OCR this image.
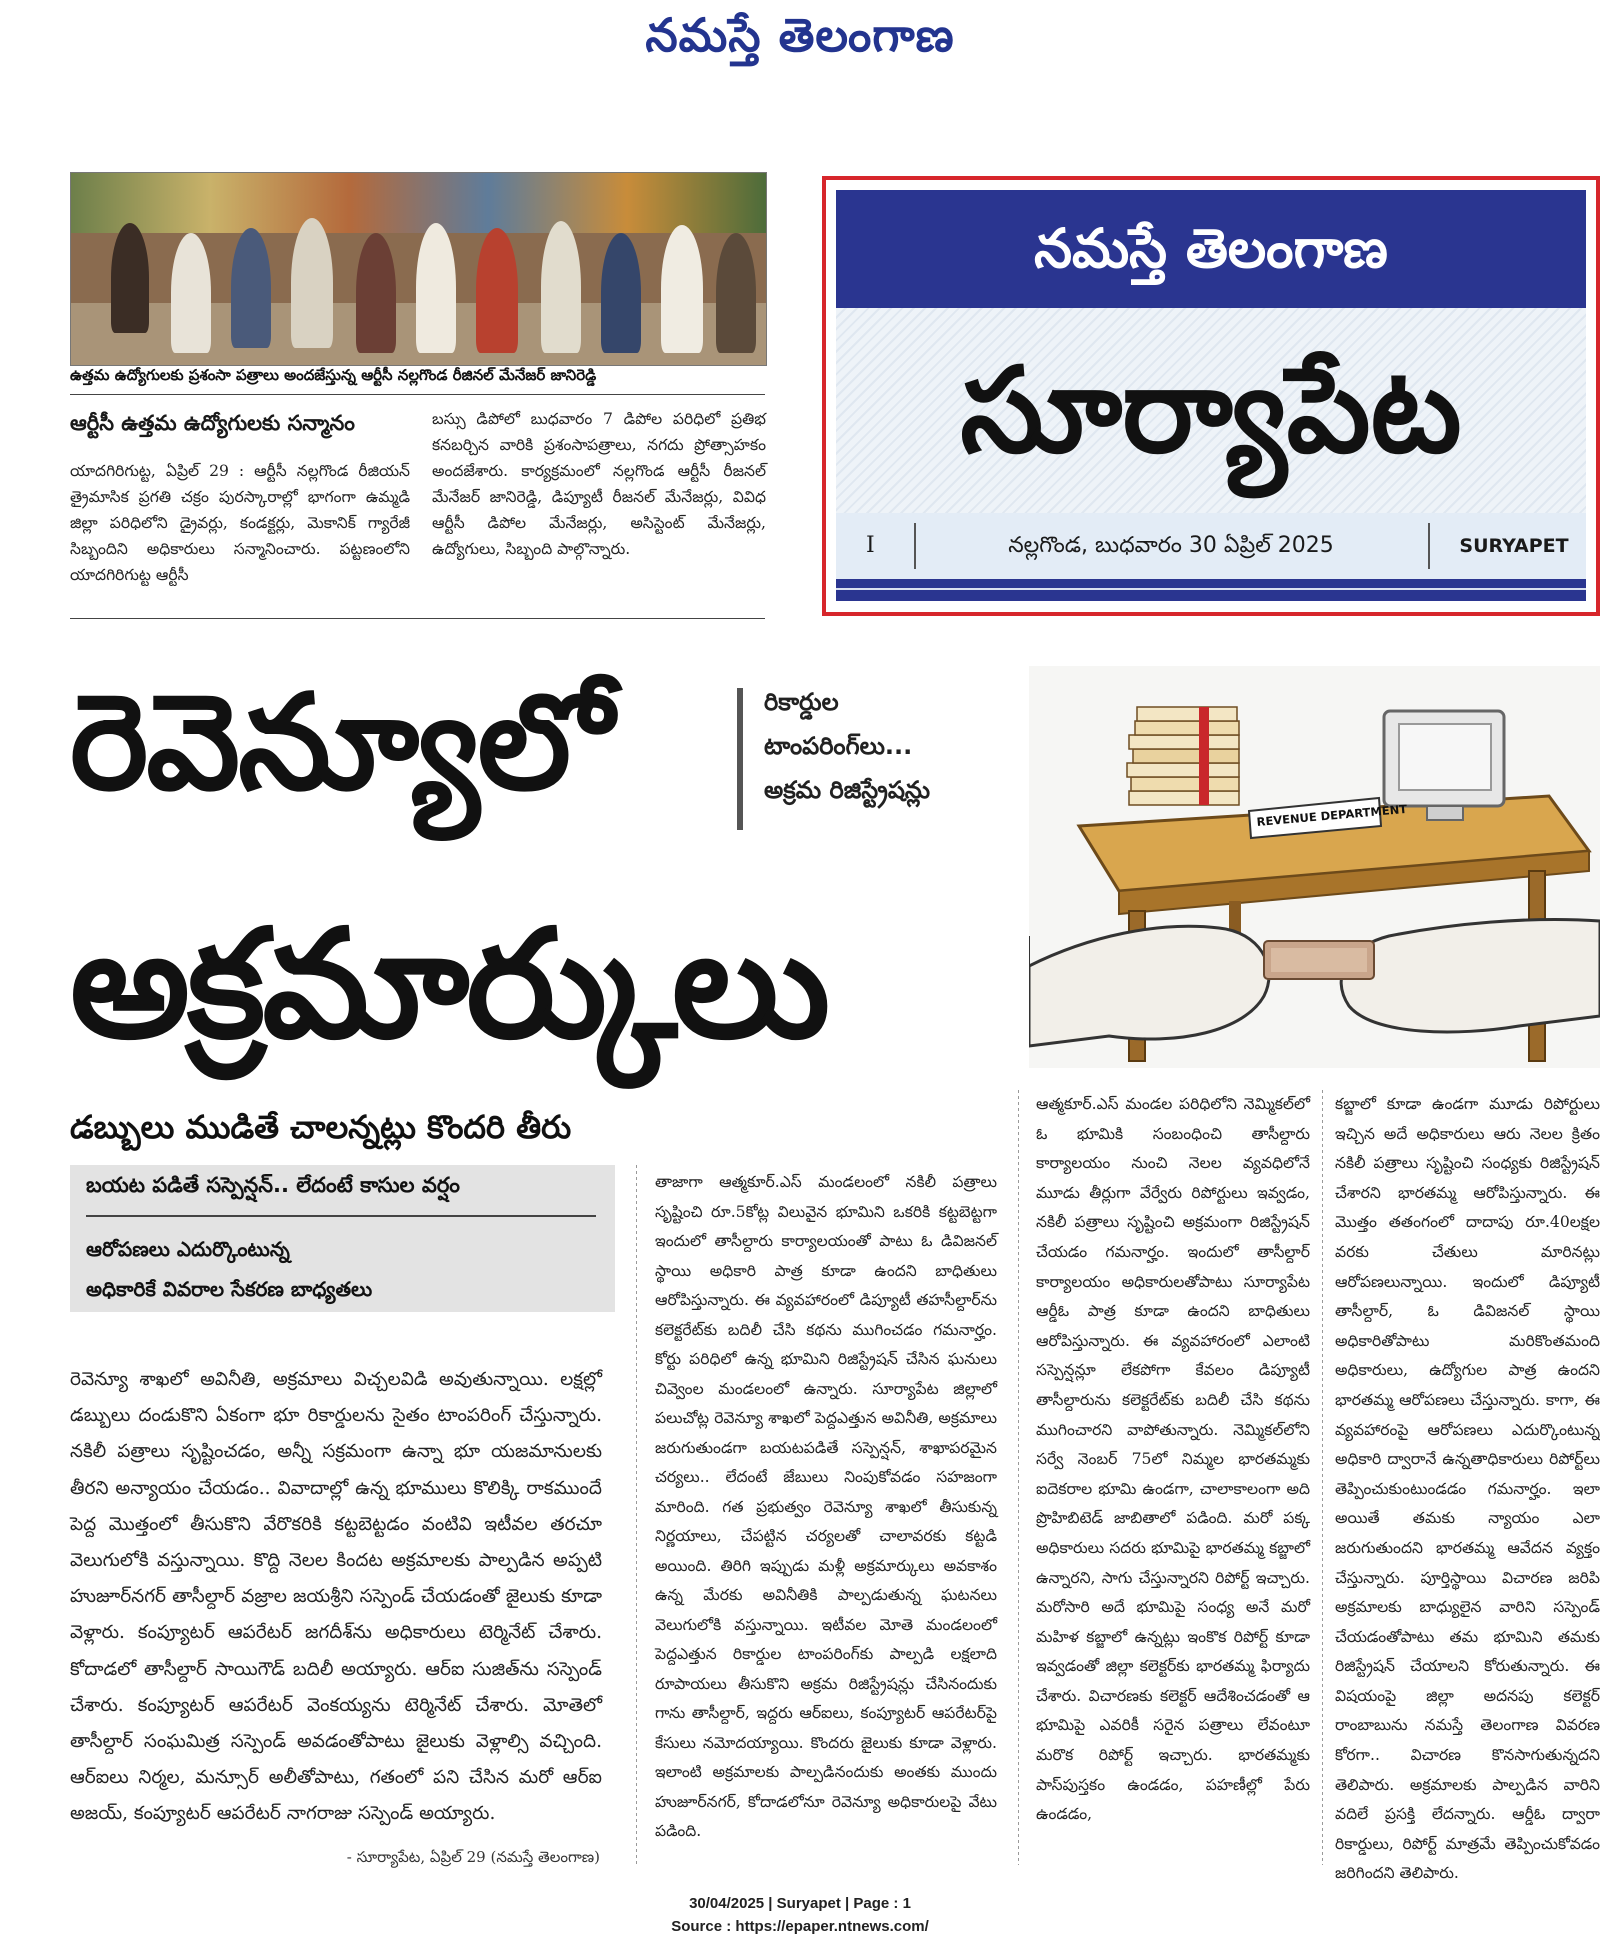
నమస్తే తెలంగాణ
ఉత్తమ ఉద్యోగులకు ప్రశంసా పత్రాలు అందజేస్తున్న ఆర్టీసీ నల్లగొండ రీజినల్‌ మేనేజర్‌ జానిరెడ్డి
ఆర్టీసీ ఉత్తమ ఉద్యోగులకు సన్మానం
యాదగిరిగుట్ట, ఏప్రిల్‌ 29 : ఆర్టీసీ నల్లగొండ రీజియన్‌ త్రైమాసిక ప్రగతి చక్రం పురస్కారాల్లో భాగంగా ఉమ్మడి జిల్లా పరిధిలోని డ్రైవర్లు, కండక్టర్లు, మెకానిక్‌ గ్యారేజీ సిబ్బందిని అధికారులు సన్మానించారు. పట్టణంలోని యాదగిరిగుట్ట ఆర్టీసీ
బస్సు డిపోలో బుధవారం 7 డిపోల పరిధిలో ప్రతిభ కనబర్చిన వారికి ప్రశంసాపత్రాలు, నగదు ప్రోత్సాహకం అందజేశారు. కార్యక్రమంలో నల్లగొండ ఆర్టీసీ రీజనల్‌ మేనేజర్‌ జానిరెడ్డి, డిప్యూటీ రీజనల్‌ మేనేజర్లు, వివిధ ఆర్టీసీ డిపోల మేనేజర్లు, అసిస్టెంట్‌ మేనేజర్లు, ఉద్యోగులు, సిబ్బంది పాల్గొన్నారు.
నమస్తే తెలంగాణ
సూర్యాపేట
I	నల్లగొండ, బుధవారం 30 ఏప్రిల్‌ 2025	SURYAPET
రెవెన్యూలో	రికార్డుల
టాంపరింగ్‌లు...
అక్రమ రిజిస్ట్రేషన్లు
అక్రమార్కులు
REVENUE DEPARTMENT
డబ్బులు ముడితే చాలన్నట్లు కొందరి తీరు
బయట పడితే సస్పెన్షన్‌.. లేదంటే కాసుల వర్షం
ఆరోపణలు ఎదుర్కొంటున్న
అధికారికే వివరాల సేకరణ బాధ్యతలు
రెవెన్యూ శాఖలో అవినీతి, అక్రమాలు విచ్చలవిడి అవుతున్నాయి. లక్షల్లో డబ్బులు దండుకొని ఏకంగా భూ రికార్డులను సైతం టాంపరింగ్‌ చేస్తున్నారు. నకిలీ పత్రాలు సృష్టించడం, అన్నీ సక్రమంగా ఉన్నా భూ యజమానులకు తీరని అన్యాయం చేయడం.. వివాదాల్లో ఉన్న భూములు కొలిక్కి రాకముందే పెద్ద మొత్తంలో తీసుకొని వేరొకరికి కట్టబెట్టడం వంటివి ఇటీవల తరచూ వెలుగులోకి వస్తున్నాయి. కొద్ది నెలల కిందట అక్రమాలకు పాల్పడిన అప్పటి హుజూర్‌నగర్‌ తాసీల్దార్‌ వజ్రాల జయశ్రీని సస్పెండ్‌ చేయడంతో జైలుకు కూడా వెళ్లారు. కంప్యూటర్‌ ఆపరేటర్‌ జగదీశ్‌ను అధికారులు టెర్మినేట్‌ చేశారు. కోదాడలో తాసీల్దార్‌ సాయిగౌడ్‌ బదిలీ అయ్యారు. ఆర్‌ఐ సుజిత్‌ను సస్పెండ్‌ చేశారు. కంప్యూటర్‌ ఆపరేటర్‌ వెంకయ్యను టెర్మినేట్‌ చేశారు. మోతెలో తాసీల్దార్‌ సంఘమిత్ర సస్పెండ్‌ అవడంతోపాటు జైలుకు వెళ్లాల్సి వచ్చింది. ఆర్‌ఐలు నిర్మల, మన్సూర్‌ అలీతోపాటు, గతంలో పని చేసిన మరో ఆర్‌ఐ అజయ్‌, కంప్యూటర్‌ ఆపరేటర్‌ నాగరాజు సస్పెండ్‌ అయ్యారు.
- సూర్యాపేట, ఏప్రిల్‌ 29 (నమస్తే తెలంగాణ)
తాజాగా ఆత్మకూర్‌.ఎస్‌ మండలంలో నకిలీ పత్రాలు సృష్టించి రూ.5కోట్ల విలువైన భూమిని ఒకరికి కట్టబెట్టగా ఇందులో తాసీల్దారు కార్యాలయంతో పాటు ఓ డివిజనల్‌ స్థాయి అధికారి పాత్ర కూడా ఉందని బాధితులు ఆరోపిస్తున్నారు. ఈ వ్యవహారంలో డిప్యూటీ తహసీల్దార్‌ను కలెక్టరేట్‌కు బదిలీ చేసి కథను ముగించడం గమనార్హం. కోర్టు పరిధిలో ఉన్న భూమిని రిజిస్ట్రేషన్‌ చేసిన ఘనులు చివ్వెంల మండలంలో ఉన్నారు. సూర్యాపేట జిల్లాలో పలుచోట్ల రెవెన్యూ శాఖలో పెద్దఎత్తున అవినీతి, అక్రమాలు జరుగుతుండగా బయటపడితే సస్పెన్షన్‌, శాఖాపరమైన చర్యలు.. లేదంటే జేబులు నింపుకోవడం సహజంగా మారింది. గత ప్రభుత్వం రెవెన్యూ శాఖలో తీసుకున్న నిర్ణయాలు, చేపట్టిన చర్యలతో చాలావరకు కట్టడి అయింది. తిరిగి ఇప్పుడు మళ్లీ అక్రమార్కులు అవకాశం ఉన్న మేరకు అవినీతికి పాల్పడుతున్న ఘటనలు వెలుగులోకి వస్తున్నాయి. ఇటీవల మోతె మండలంలో పెద్దఎత్తున రికార్డుల టాంపరింగ్‌కు పాల్పడి లక్షలాది రూపాయలు తీసుకొని అక్రమ రిజిస్ట్రేషన్లు చేసినందుకు గాను తాసీల్దార్‌, ఇద్దరు ఆర్‌ఐలు, కంప్యూటర్‌ ఆపరేటర్‌పై కేసులు నమోదయ్యాయి. కొందరు జైలుకు కూడా వెళ్లారు. ఇలాంటి అక్రమాలకు పాల్పడినందుకు అంతకు ముందు హుజూర్‌నగర్‌, కోదాడలోనూ రెవెన్యూ అధికారులపై వేటు పడింది.
ఆత్మకూర్‌.ఎస్‌ మండల పరిధిలోని నెమ్మికల్‌లో ఓ భూమికి సంబంధించి తాసీల్దారు కార్యాలయం నుంచి నెలల వ్యవధిలోనే మూడు తీర్లుగా వేర్వేరు రిపోర్టులు ఇవ్వడం, నకిలీ పత్రాలు సృష్టించి అక్రమంగా రిజిస్ట్రేషన్‌ చేయడం గమనార్హం. ఇందులో తాసీల్దార్‌ కార్యాలయం అధికారులతోపాటు సూర్యాపేట ఆర్డీఓ పాత్ర కూడా ఉందని బాధితులు ఆరోపిస్తున్నారు. ఈ వ్యవహారంలో ఎలాంటి సస్పెన్షన్లూ లేకపోగా కేవలం డిప్యూటీ తాసీల్దారును కలెక్టరేట్‌కు బదిలీ చేసి కథను ముగించారని వాపోతున్నారు. నెమ్మికల్‌లోని సర్వే నెంబర్‌ 75లో నిమ్మల భారతమ్మకు ఐదెకరాల భూమి ఉండగా, చాలాకాలంగా అది ప్రొహిబిటెడ్‌ జాబితాలో పడింది. మరో పక్క అధికారులు సదరు భూమిపై భారతమ్మ కబ్జాలో ఉన్నారని, సాగు చేస్తున్నారని రిపోర్ట్‌ ఇచ్చారు. మరోసారి అదే భూమిపై సంధ్య అనే మరో మహిళ కబ్జాలో ఉన్నట్లు ఇంకొక రిపోర్ట్‌ కూడా ఇవ్వడంతో జిల్లా కలెక్టర్‌కు భారతమ్మ ఫిర్యాదు చేశారు. విచారణకు కలెక్టర్‌ ఆదేశించడంతో ఆ భూమిపై ఎవరికీ సరైన పత్రాలు లేవంటూ మరొక రిపోర్ట్‌ ఇచ్చారు. భారతమ్మకు పాస్‌పుస్తకం ఉండడం, పహణీల్లో పేరు ఉండడం,
కబ్జాలో కూడా ఉండగా మూడు రిపోర్టులు ఇచ్చిన అదే అధికారులు ఆరు నెలల క్రితం నకిలీ పత్రాలు సృష్టించి సంధ్యకు రిజిస్ట్రేషన్‌ చేశారని భారతమ్మ ఆరోపిస్తున్నారు. ఈ మొత్తం తతంగంలో దాదాపు రూ.40లక్షల వరకు చేతులు మారినట్లు ఆరోపణలున్నాయి. ఇందులో డిప్యూటీ తాసీల్దార్‌, ఓ డివిజనల్‌ స్థాయి అధికారితోపాటు మరికొంతమంది అధికారులు, ఉద్యోగుల పాత్ర ఉందని భారతమ్మ ఆరోపణలు చేస్తున్నారు. కాగా, ఈ వ్యవహారంపై ఆరోపణలు ఎదుర్కొంటున్న అధికారి ద్వారానే ఉన్నతాధికారులు రిపోర్ట్‌లు తెప్పించుకుంటుండడం గమనార్హం. ఇలా అయితే తమకు న్యాయం ఎలా జరుగుతుందని భారతమ్మ ఆవేదన వ్యక్తం చేస్తున్నారు. పూర్తిస్థాయి విచారణ జరిపి అక్రమాలకు బాధ్యులైన వారిని సస్పెండ్‌ చేయడంతోపాటు తమ భూమిని తమకు రిజిస్ట్రేషన్‌ చేయాలని కోరుతున్నారు. ఈ విషయంపై జిల్లా అదనపు కలెక్టర్‌ రాంబాబును నమస్తే తెలంగాణ వివరణ కోరగా.. విచారణ కొనసాగుతున్నదని తెలిపారు. అక్రమాలకు పాల్పడిన వారిని వదిలే ప్రసక్తి లేదన్నారు. ఆర్డీఓ ద్వారా రికార్డులు, రిపోర్ట్‌ మాత్రమే తెప్పించుకోవడం జరిగిందని తెలిపారు.
30/04/2025 | Suryapet | Page : 1
Source : https://epaper.ntnews.com/
